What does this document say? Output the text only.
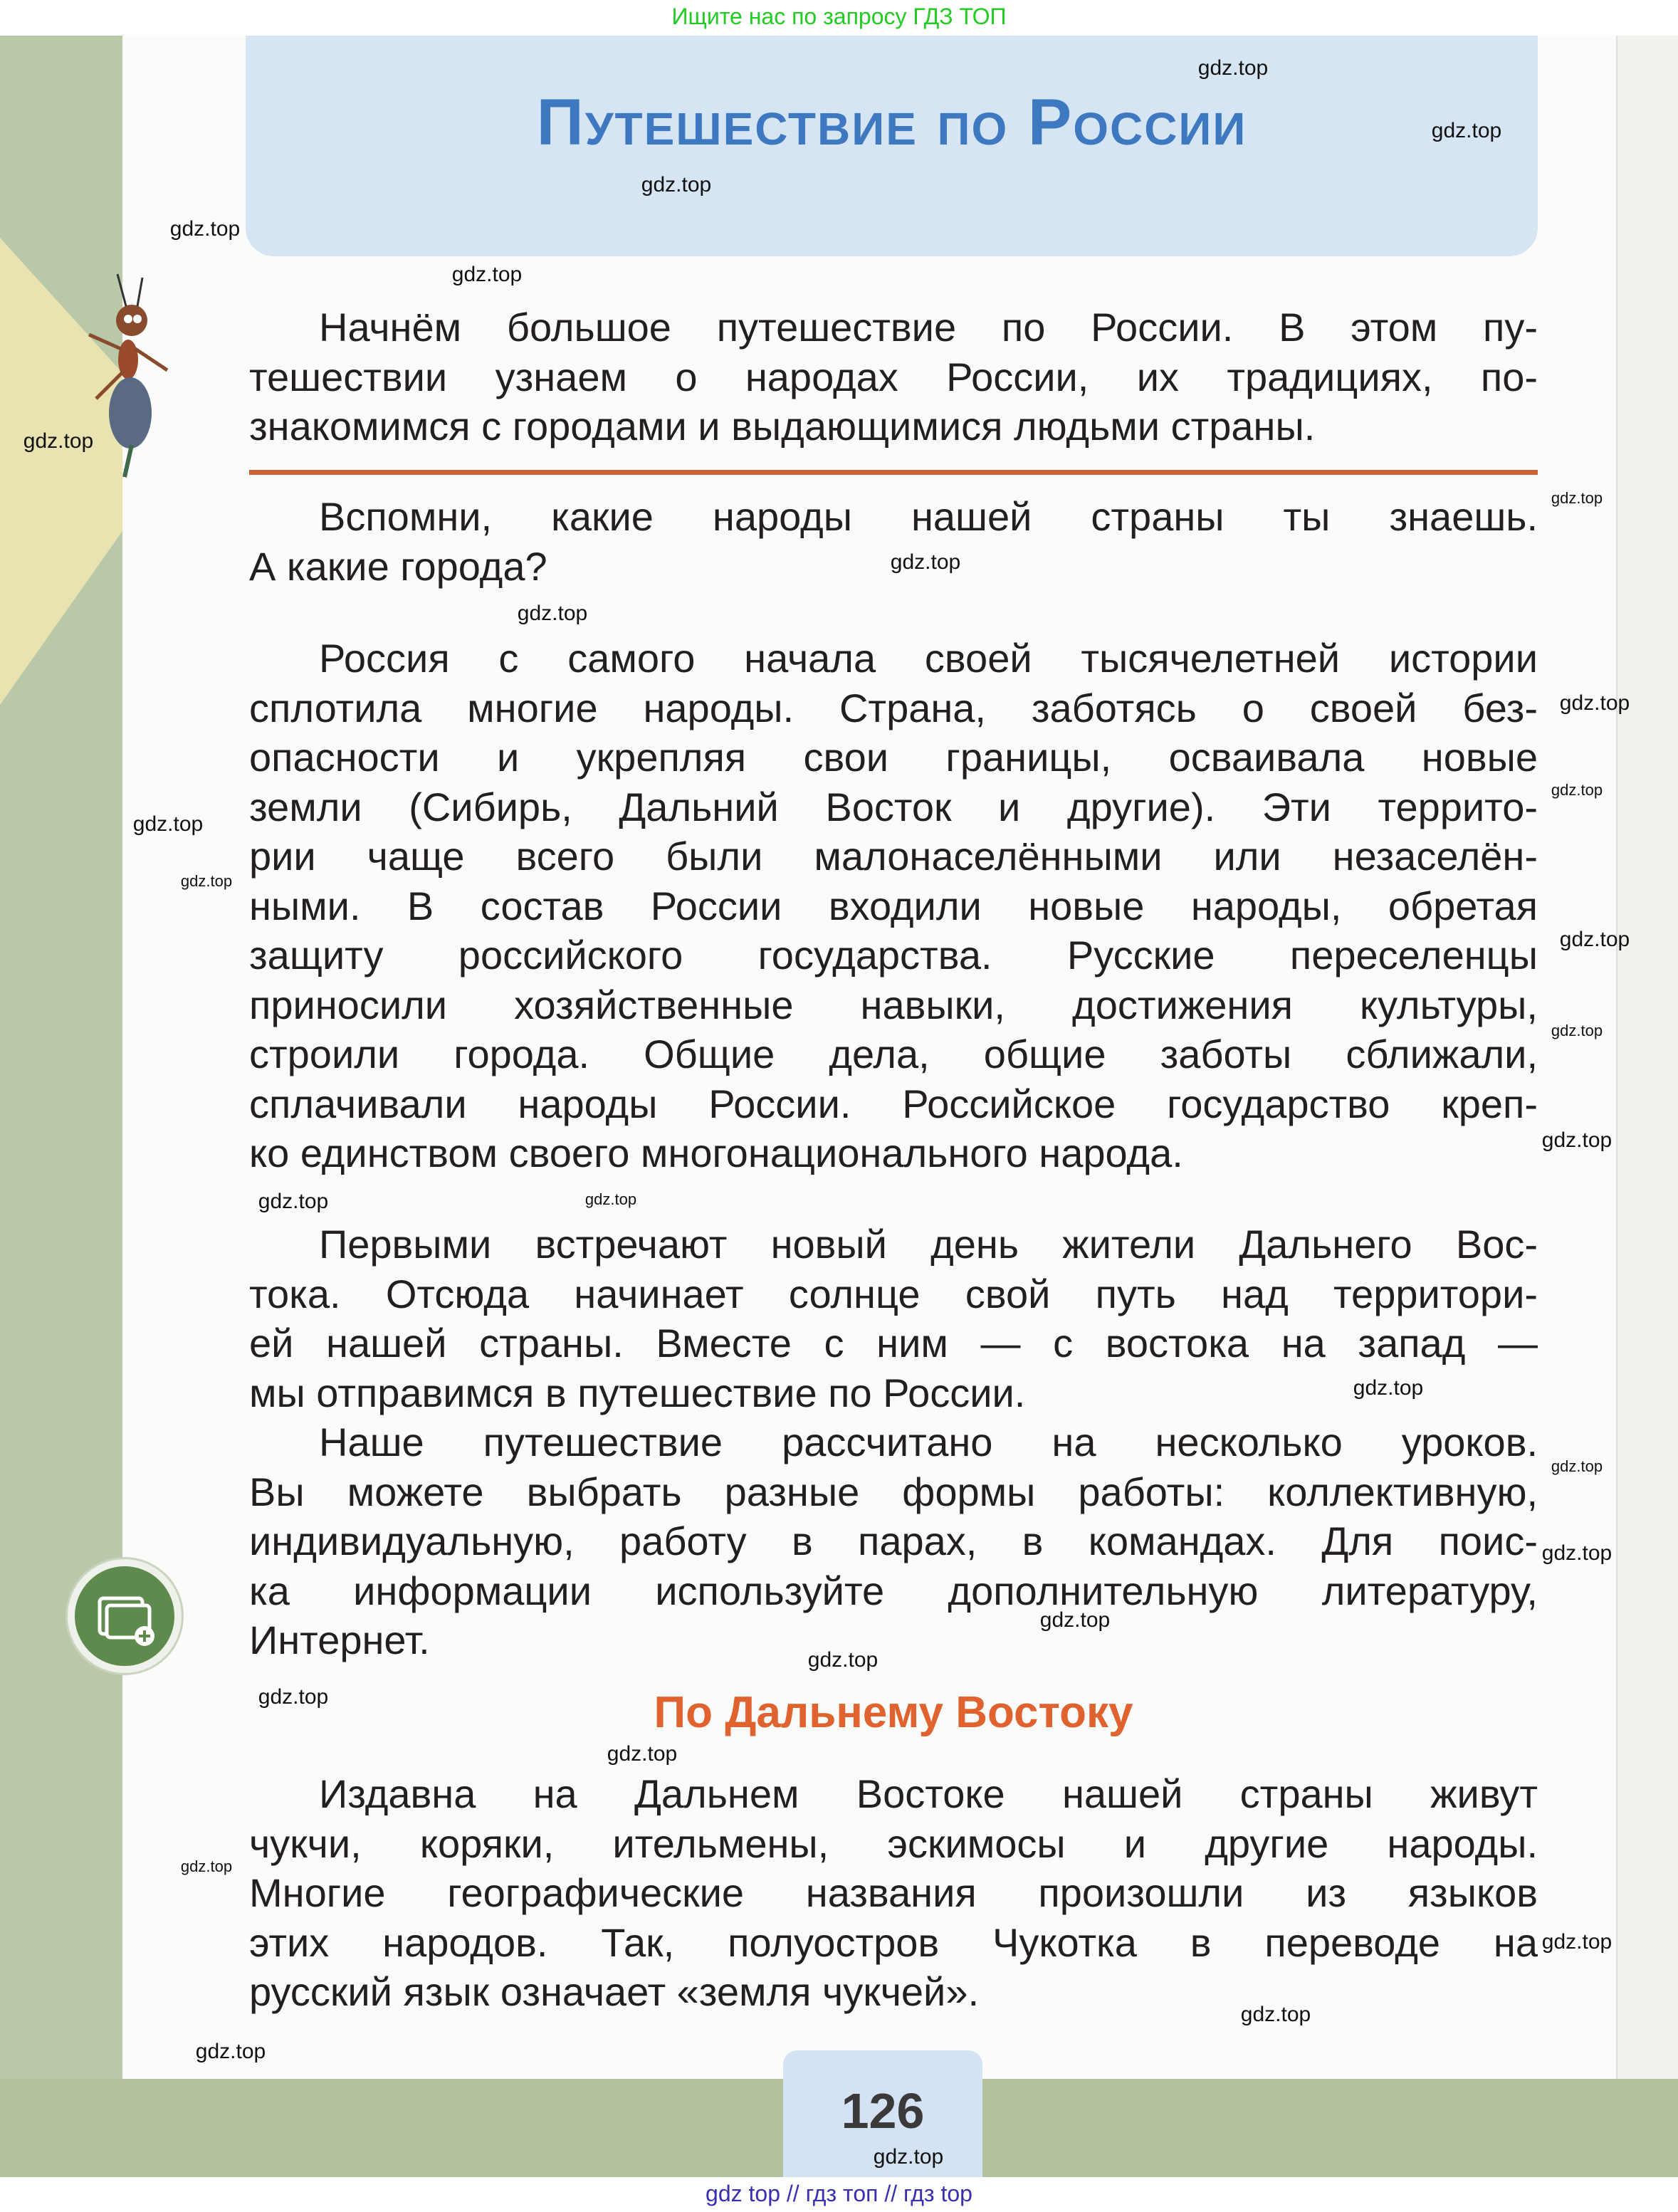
Ищите нас по запросу ГДЗ ТОП
Путешествие по России
Начнём большое путешествие по России. В этом пу-
тешествии узнаем о народах России, их традициях, по-
знакомимся с городами и выдающимися людьми страны.
Вспомни, какие народы нашей страны ты знаешь.
А какие города?
Россия с самого начала своей тысячелетней истории
сплотила многие народы. Страна, заботясь о своей без-
опасности и укрепляя свои границы, осваивала новые
земли (Сибирь, Дальний Восток и другие). Эти террито-
рии чаще всего были малонаселёнными или незаселён-
ными. В состав России входили новые народы, обретая
защиту российского государства. Русские переселенцы
приносили хозяйственные навыки, достижения культуры,
строили города. Общие дела, общие заботы сближали,
сплачивали народы России. Российское государство креп-
ко единством своего многонационального народа.
Первыми встречают новый день жители Дальнего Вос-
тока. Отсюда начинает солнце свой путь над территори-
ей нашей страны. Вместе с ним — с востока на запад —
мы отправимся в путешествие по России.
Наше путешествие рассчитано на несколько уроков.
Вы можете выбрать разные формы работы: коллективную,
индивидуальную, работу в парах, в командах. Для поис-
ка информации используйте дополнительную литературу,
Интернет.
По Дальнему Востоку
Издавна на Дальнем Востоке нашей страны живут
чукчи, коряки, ительмены, эскимосы и другие народы.
Многие географические названия произошли из языков
этих народов. Так, полуостров Чукотка в переводе на
русский язык означает «земля чукчей».
126
gdz top // гдз топ // гдз top
gdz.top
gdz.top
gdz.top
gdz.top
gdz.top
gdz.top
gdz.top
gdz.top
gdz.top
gdz.top
gdz.top
gdz.top
gdz.top
gdz.top
gdz.top
gdz.top
gdz.top
gdz.top
gdz.top
gdz.top
gdz.top
gdz.top
gdz.top
gdz.top
gdz.top
gdz.top
gdz.top
gdz.top
gdz.top
gdz.top
